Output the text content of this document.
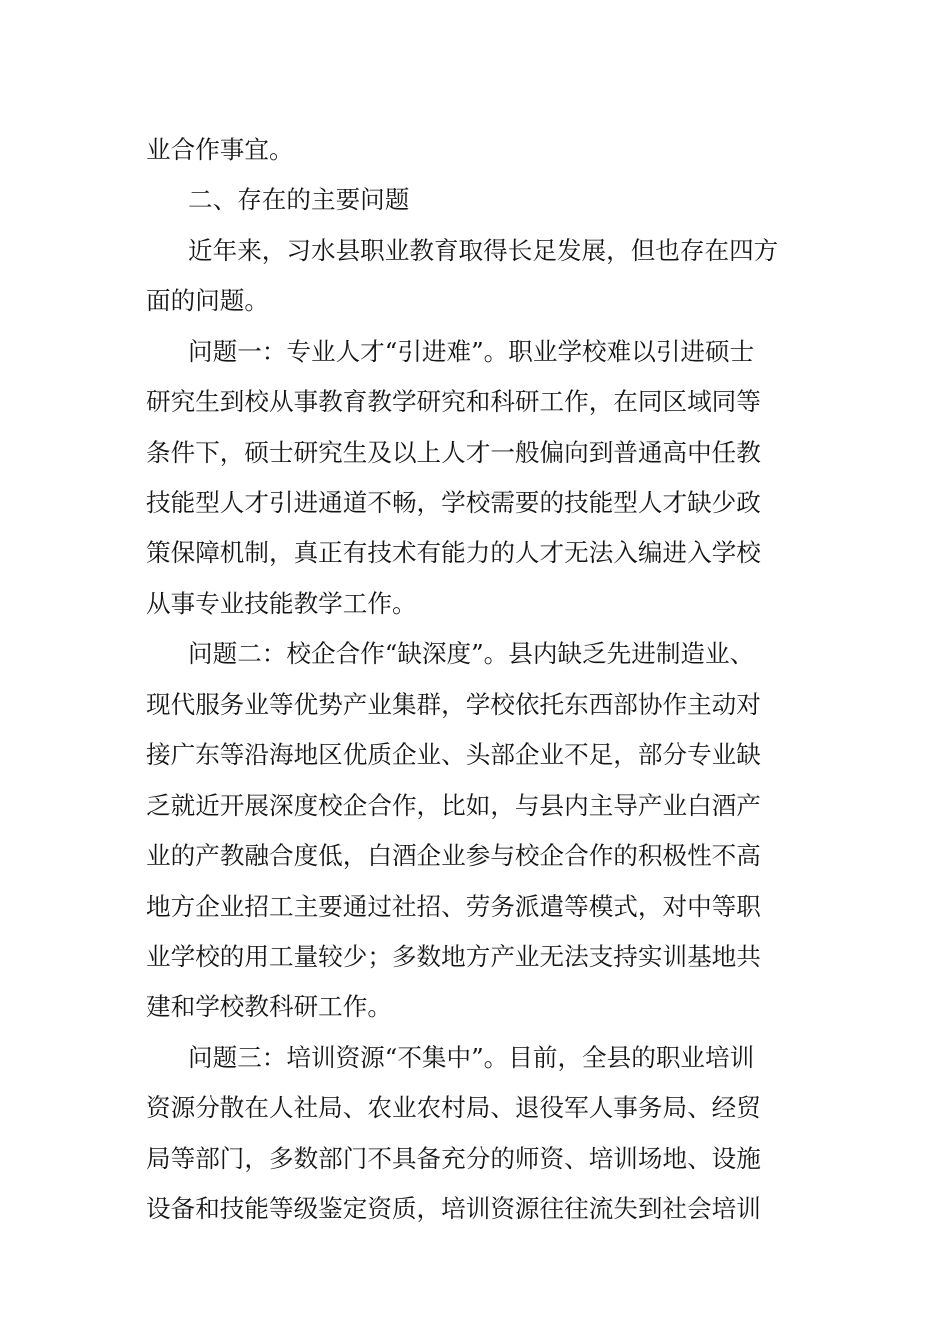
业合作事宜。

二、存在的主要问题

近年来，习水县职业教育取得长足发展，但也存在四方

面的问题。

问题一：专业人才“引进难”。职业学校难以引进硕士

研究生到校从事教育教学研究和科研工作，在同区域同等

条件下，硕士研究生及以上人才一般偏向到普通高中任教

技能型人才引进通道不畅，学校需要的技能型人才缺少政

策保障机制，真正有技术有能力的人才无法入编进入学校

从事专业技能教学工作。

问题二：校企合作“缺深度”。县内缺乏先进制造业、

现代服务业等优势产业集群，学校依托东西部协作主动对

接广东等沿海地区优质企业、头部企业不足，部分专业缺

乏就近开展深度校企合作，比如，与县内主导产业白酒产

业的产教融合度低，白酒企业参与校企合作的积极性不高

地方企业招工主要通过社招、劳务派遣等模式，对中等职

业学校的用工量较少；多数地方产业无法支持实训基地共

建和学校教科研工作。

问题三：培训资源“不集中”。目前，全县的职业培训

资源分散在人社局、农业农村局、退役军人事务局、经贸

局等部门，多数部门不具备充分的师资、培训场地、设施

设备和技能等级鉴定资质，培训资源往往流失到社会培训
